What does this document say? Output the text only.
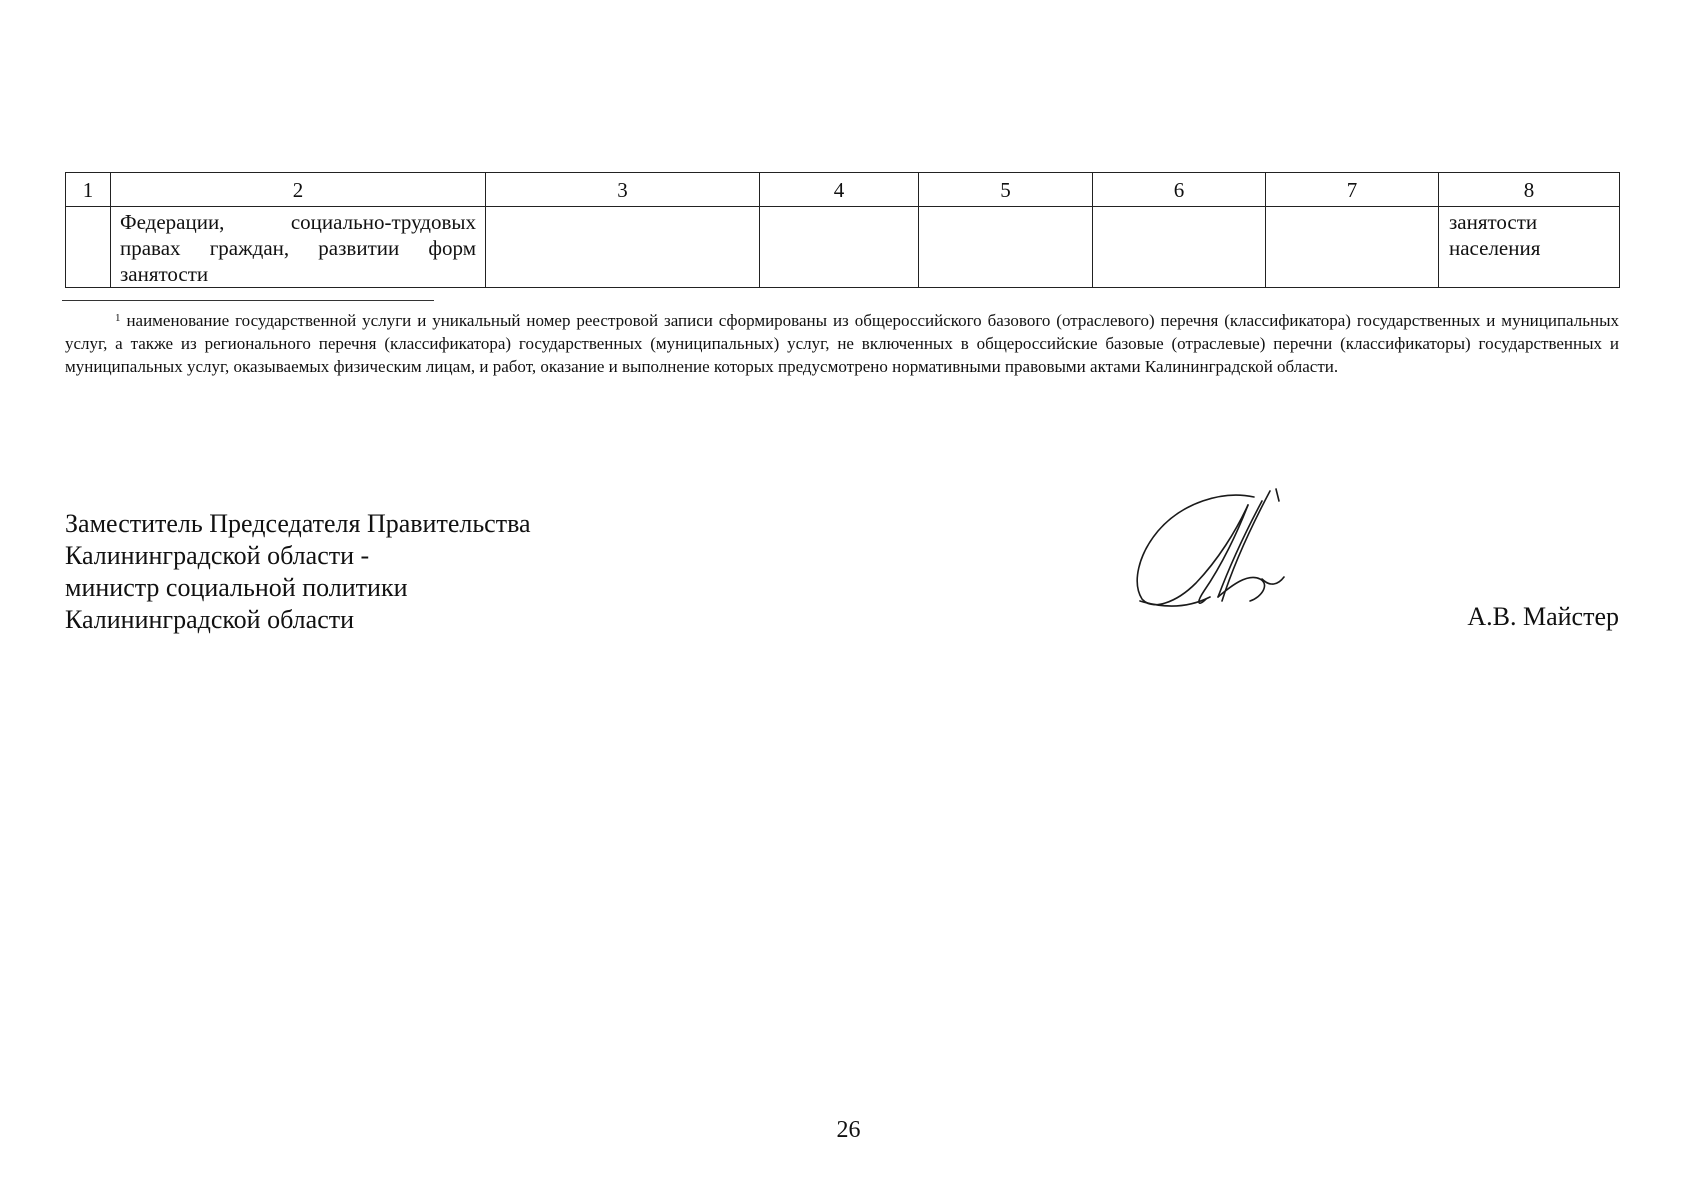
1	2	3	4	5	6	7	8

	Федерации, социально-трудовых правах граждан, развитии форм занятости						занятости населения
$^1$ наименование государственной услуги и уникальный номер реестровой записи сформированы из общероссийского базового (отраслевого) перечня (классификатора) государственных и муниципальных услуг, а также из регионального перечня (классификатора) государственных (муниципальных) услуг, не включенных в общероссийские базовые (отраслевые) перечни (классификаторы) государственных и муниципальных услуг, оказываемых физическим лицам, и работ, оказание и выполнение которых предусмотрено нормативными правовыми актами Калининградской области.
Заместитель Председателя Правительства
Калининградской области -
министр социальной политики
Калининградской области	А.В. Майстер
26
